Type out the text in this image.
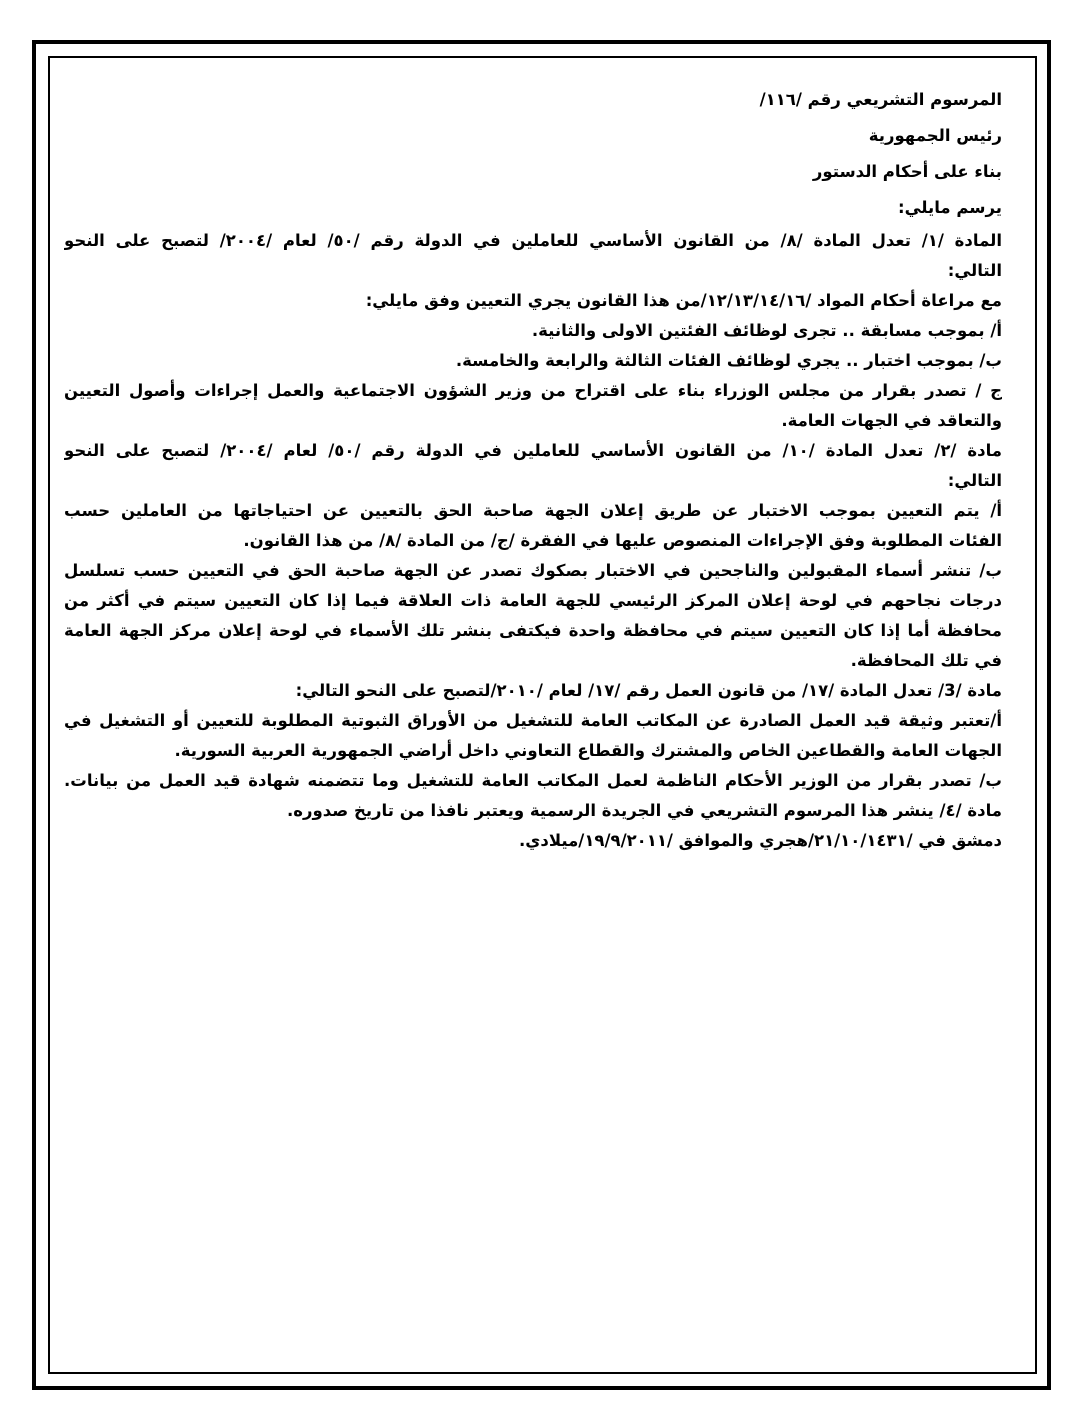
المرسوم التشريعي رقم /١١٦/

رئيس الجمهورية

بناء على أحكام الدستور

يرسم مايلي:

المادة /١/ تعدل المادة /٨/ من القانون الأساسي للعاملين في الدولة رقم /٥٠/ لعام /٢٠٠٤/ لتصبح على النحو

التالي:

مع مراعاة أحكام المواد /١٢/١٣/١٤/١٦/من هذا القانون يجري التعيين وفق مايلي:

أ/ بموجب مسابقة .. تجرى لوظائف الفئتين الاولى والثانية.

ب/ بموجب اختبار .. يجري لوظائف الفئات الثالثة والرابعة والخامسة.

ج / تصدر بقرار من مجلس الوزراء بناء على اقتراح من وزير الشؤون الاجتماعية والعمل إجراءات وأصول التعيين

والتعاقد في الجهات العامة.

مادة /٢/ تعدل المادة /١٠/ من القانون الأساسي للعاملين في الدولة رقم /٥٠/ لعام /٢٠٠٤/ لتصبح على النحو

التالي:

أ/ يتم التعيين بموجب الاختبار عن طريق إعلان الجهة صاحبة الحق بالتعيين عن احتياجاتها من العاملين حسب

الفئات المطلوبة وفق الإجراءات المنصوص عليها في الفقرة /ج/ من المادة /٨/ من هذا القانون.

ب/ تنشر أسماء المقبولين والناجحين في الاختبار بصكوك تصدر عن الجهة صاحبة الحق في التعيين حسب تسلسل

درجات نجاحهم في لوحة إعلان المركز الرئيسي للجهة العامة ذات العلاقة فيما إذا كان التعيين سيتم في أكثر من

محافظة أما إذا كان التعيين سيتم في محافظة واحدة فيكتفى بنشر تلك الأسماء في لوحة إعلان مركز الجهة العامة

في تلك المحافظة.

مادة /3/ تعدل المادة /١٧/ من قانون العمل رقم /١٧/ لعام /٢٠١٠/لتصبح على النحو التالي:

أ/تعتبر وثيقة قيد العمل الصادرة عن المكاتب العامة للتشغيل من الأوراق الثبوتية المطلوبة للتعيين أو التشغيل في

الجهات العامة والقطاعين الخاص والمشترك والقطاع التعاوني داخل أراضي الجمهورية العربية السورية.

ب/ تصدر بقرار من الوزير الأحكام الناظمة لعمل المكاتب العامة للتشغيل وما تتضمنه شهادة قيد العمل من بيانات.

مادة /٤/ ينشر هذا المرسوم التشريعي في الجريدة الرسمية ويعتبر نافذا من تاريخ صدوره.

دمشق في /٢١/١٠/١٤٣١/هجري والموافق /١٩/٩/٢٠١١/ميلادي.
